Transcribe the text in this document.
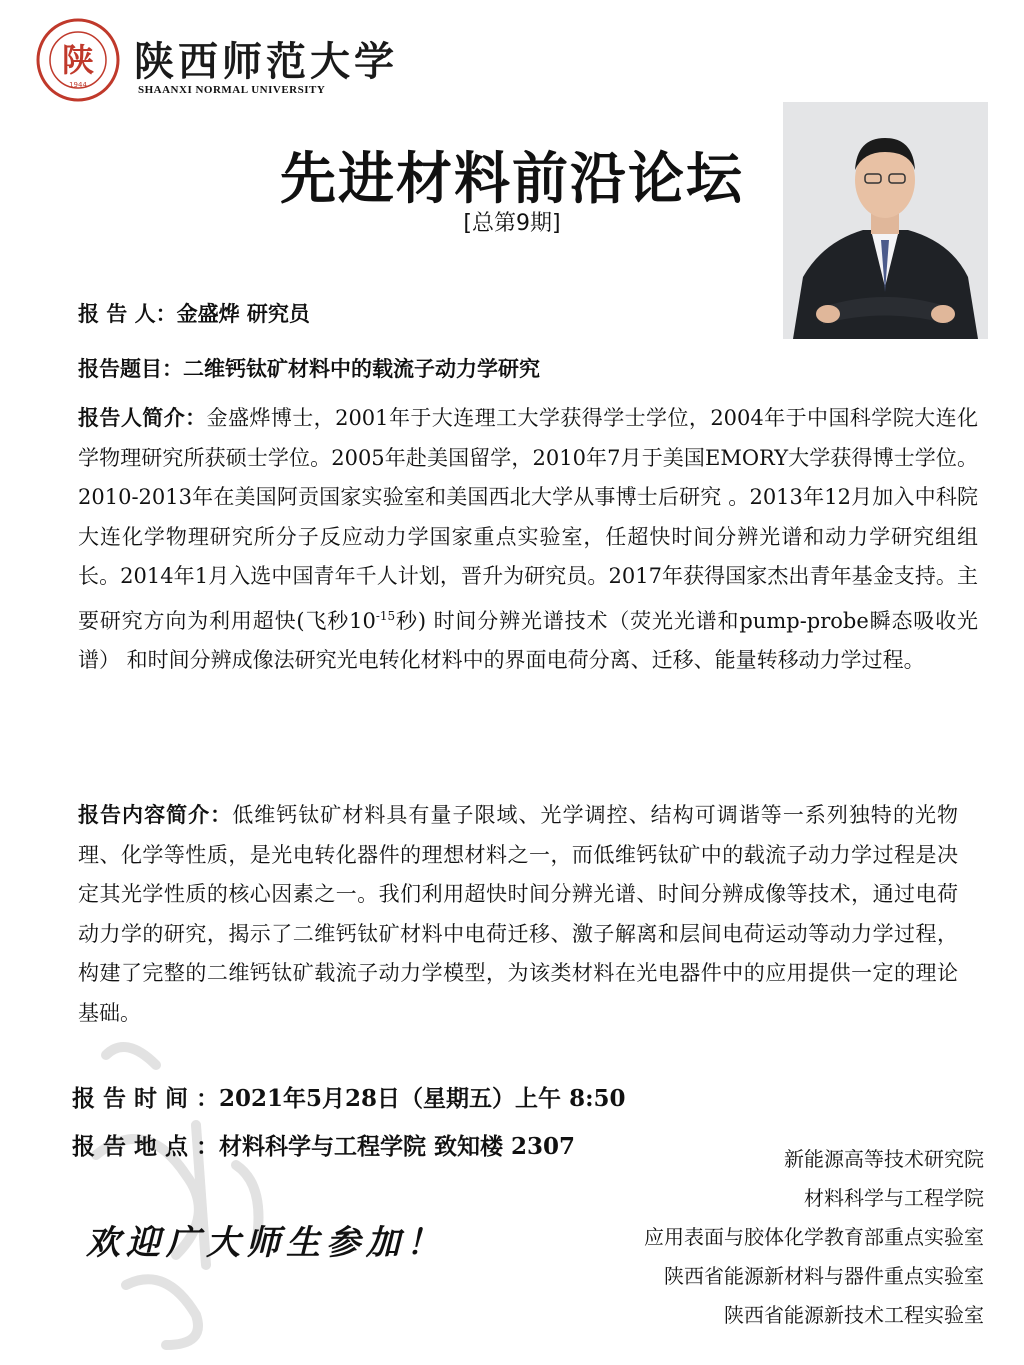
陕
1944 陕西师范大学
SHAANXI NORMAL UNIVERSITY
先进材料前沿论坛
[总第9期]
报 告 人：金盛烨 研究员
报告题目：二维钙钛矿材料中的载流子动力学研究
报告人简介：金盛烨博士，2001年于大连理工大学获得学士学位，2004年于中国科学院大连化学物理研究所获硕士学位。2005年赴美国留学，2010年7月于美国EMORY大学获得博士学位。2010-2013年在美国阿贡国家实验室和美国西北大学从事博士后研究 。2013年12月加入中科院大连化学物理研究所分子反应动力学国家重点实验室，任超快时间分辨光谱和动力学研究组组长。2014年1月入选中国青年千人计划，晋升为研究员。2017年获得国家杰出青年基金支持。主要研究方向为利用超快(飞秒$10^{-15}$秒) 时间分辨光谱技术（荧光光谱和pump-probe瞬态吸收光谱） 和时间分辨成像法研究光电转化材料中的界面电荷分离、迁移、能量转移动力学过程。
报告内容简介：低维钙钛矿材料具有量子限域、光学调控、结构可调谐等一系列独特的光物理、化学等性质，是光电转化器件的理想材料之一，而低维钙钛矿中的载流子动力学过程是决定其光学性质的核心因素之一。我们利用超快时间分辨光谱、时间分辨成像等技术，通过电荷动力学的研究，揭示了二维钙钛矿材料中电荷迁移、激子解离和层间电荷运动等动力学过程，构建了完整的二维钙钛矿载流子动力学模型，为该类材料在光电器件中的应用提供一定的理论基础。
报 告 时 间 ：2021年5月28日（星期五）上午 8:50
报 告 地 点 ：材料科学与工程学院 致知楼 2307
欢迎广大师生参加！
新能源高等技术研究院
材料科学与工程学院
应用表面与胶体化学教育部重点实验室
陕西省能源新材料与器件重点实验室
陕西省能源新技术工程实验室
